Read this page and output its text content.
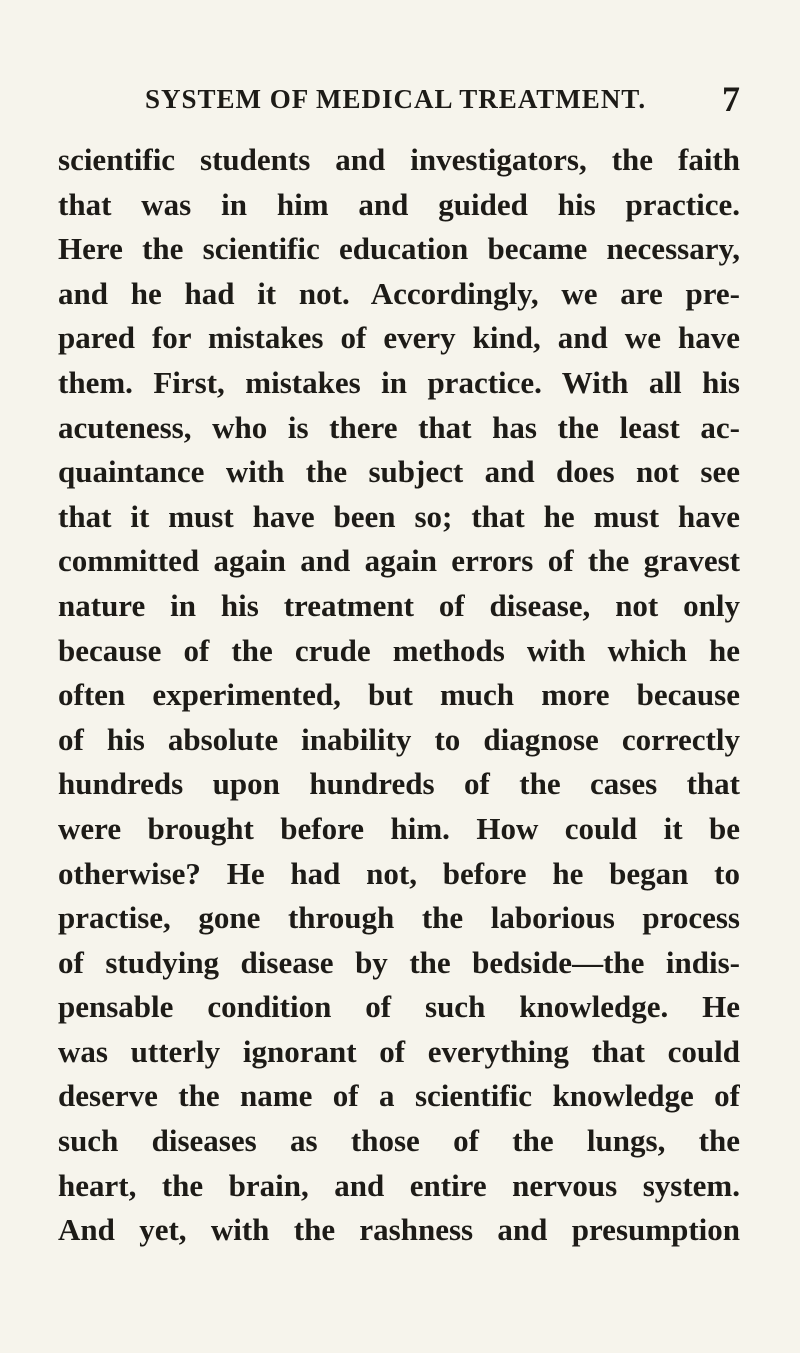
SYSTEM OF MEDICAL TREATMENT. 7
scientific students and investigators, the faith
that was in him and guided his practice.
Here the scientific education became necessary,
and he had it not. Accordingly, we are pre-
pared for mistakes of every kind, and we have
them. First, mistakes in practice. With all his
acuteness, who is there that has the least ac-
quaintance with the subject and does not see
that it must have been so; that he must have
committed again and again errors of the gravest
nature in his treatment of disease, not only
because of the crude methods with which he
often experimented, but much more because
of his absolute inability to diagnose correctly
hundreds upon hundreds of the cases that
were brought before him. How could it be
otherwise? He had not, before he began to
practise, gone through the laborious process
of studying disease by the bedside—the indis-
pensable condition of such knowledge. He
was utterly ignorant of everything that could
deserve the name of a scientific knowledge of
such diseases as those of the lungs, the
heart, the brain, and entire nervous system.
And yet, with the rashness and presumption
